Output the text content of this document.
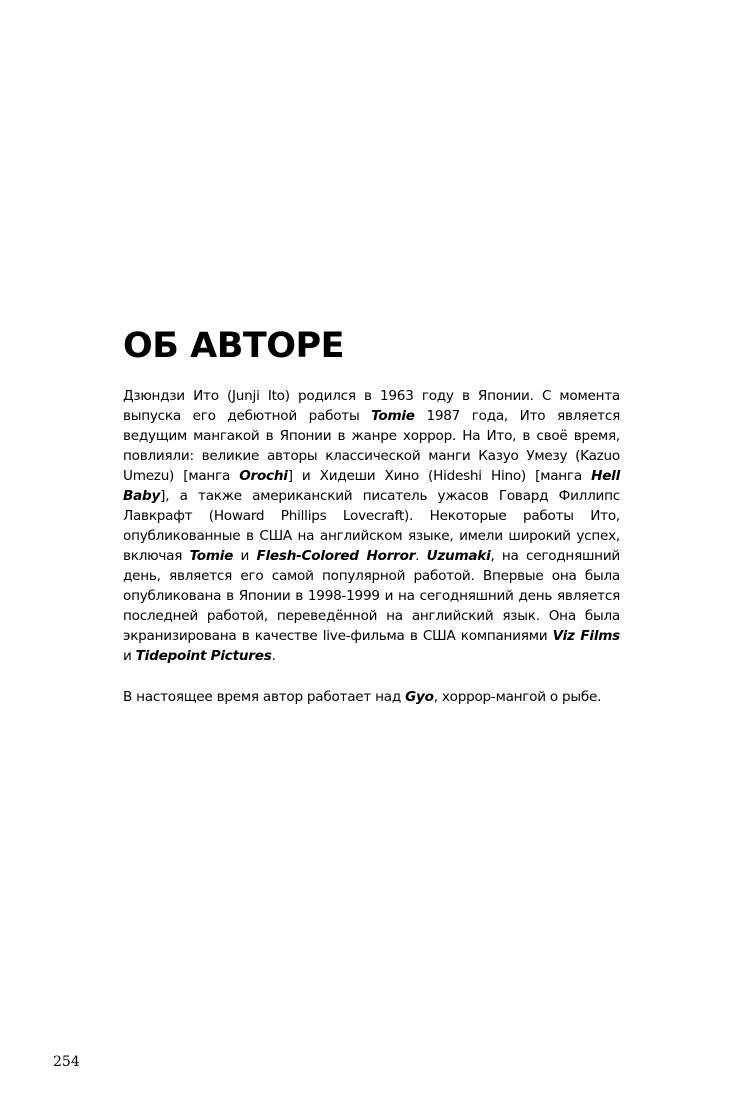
ОБ АВТОРЕ

Дзюндзи Ито (Junji Ito) родился в 1963 году в Японии. С момента выпуска его дебютной работы Tomie 1987 года, Ито является ведущим мангакой в Японии в жанре хоррор. На Ито, в своё время, повлияли: великие авторы классической манги Казуо Умезу (Kazuo Umezu) [манга Orochi] и Хидеши Хино (Hideshi Hino) [манга Hell Baby], а также американский писатель ужасов Говард Филлипс Лавкрафт (Howard Phillips Lovecraft). Некоторые работы Ито, опубликованные в США на английском языке, имели широкий успех, включая Tomie и Flesh-Colored Horror. Uzumaki, на сегодняшний день, является его самой популярной работой. Впервые она была опубликована в Японии в 1998-1999 и на сегодняшний день является последней работой, переведённой на английский язык. Она была экранизирована в качестве live-фильма в США компаниями Viz Films и Tidepoint Pictures.

В настоящее время автор работает над Gyo, хоррор-мангой о рыбе.

254
